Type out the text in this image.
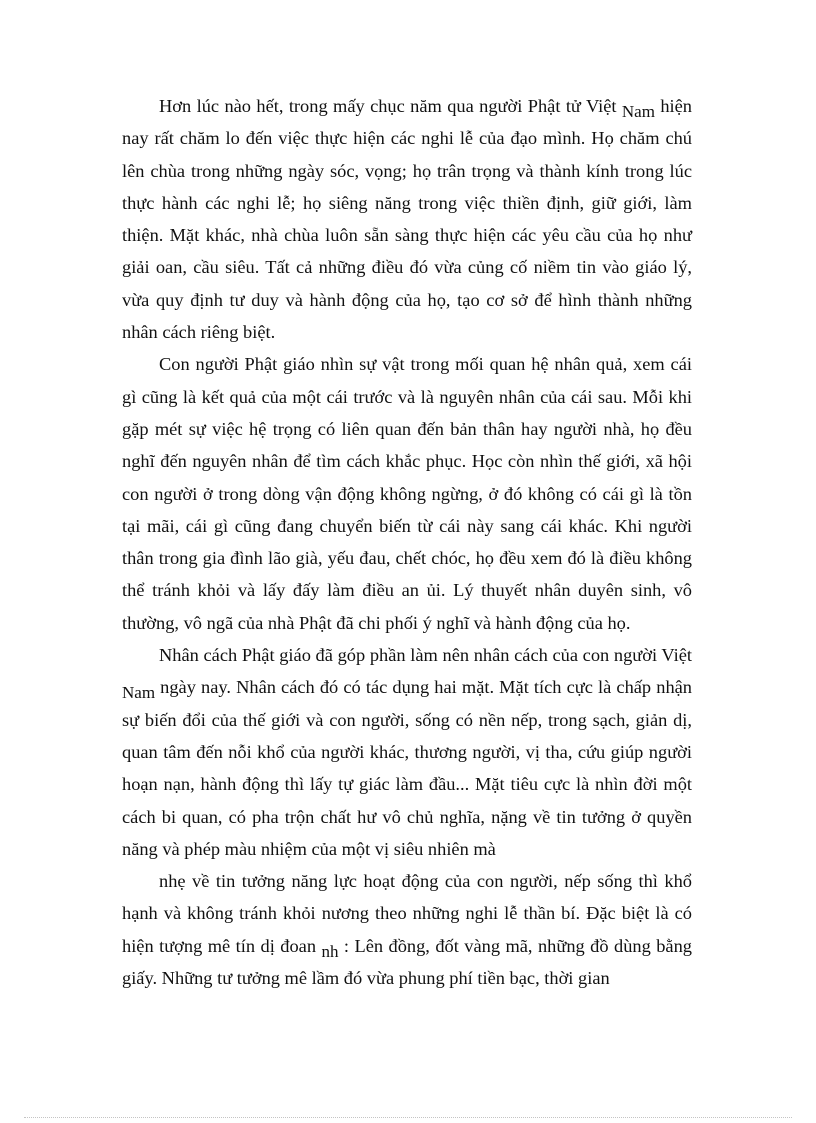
Hơn lúc nào hết, trong mấy chục năm qua người Phật tử Việt Nam hiện nay rất chăm lo đến việc thực hiện các nghi lễ của đạo mình. Họ chăm chú lên chùa trong những ngày sóc, vọng; họ trân trọng và thành kính trong lúc thực hành các nghi lễ; họ siêng năng trong việc thiền định, giữ giới, làm thiện. Mặt khác, nhà chùa luôn sẵn sàng thực hiện các yêu cầu của họ như giải oan, cầu siêu. Tất cả những điều đó vừa củng cố niềm tin vào giáo lý, vừa quy định tư duy và hành động của họ, tạo cơ sở để hình thành những nhân cách riêng biệt.

Con người Phật giáo nhìn sự vật trong mối quan hệ nhân quả, xem cái gì cũng là kết quả của một cái trước và là nguyên nhân của cái sau. Mỗi khi gặp mét sự việc hệ trọng có liên quan đến bản thân hay người nhà, họ đều nghĩ đến nguyên nhân để tìm cách khắc phục. Học còn nhìn thế giới, xã hội con người ở trong dòng vận động không ngừng, ở đó không có cái gì là tồn tại mãi, cái gì cũng đang chuyển biến từ cái này sang cái khác. Khi người thân trong gia đình lão già, yếu đau, chết chóc, họ đều xem đó là điều không thể tránh khỏi và lấy đấy làm điều an ủi. Lý thuyết nhân duyên sinh, vô thường, vô ngã của nhà Phật đã chi phối ý nghĩ và hành động của họ.

Nhân cách Phật giáo đã góp phần làm nên nhân cách của con người Việt Nam ngày nay. Nhân cách đó có tác dụng hai mặt. Mặt tích cực là chấp nhận sự biến đổi của thế giới và con người, sống có nền nếp, trong sạch, giản dị, quan tâm đến nỗi khổ của người khác, thương người, vị tha, cứu giúp người hoạn nạn, hành động thì lấy tự giác làm đầu... Mặt tiêu cực là nhìn đời một cách bi quan, có pha trộn chất hư vô chủ nghĩa, nặng về tin tưởng ở quyền năng và phép màu nhiệm của một vị siêu nhiên mà

nhẹ về tin tưởng năng lực hoạt động của con người, nếp sống thì khổ hạnh và không tránh khỏi nương theo những nghi lễ thần bí. Đặc biệt là có hiện tượng mê tín dị đoan nh : Lên đồng, đốt vàng mã, những đồ dùng bằng giấy. Những tư tưởng mê lầm đó vừa phung phí tiền bạc, thời gian
